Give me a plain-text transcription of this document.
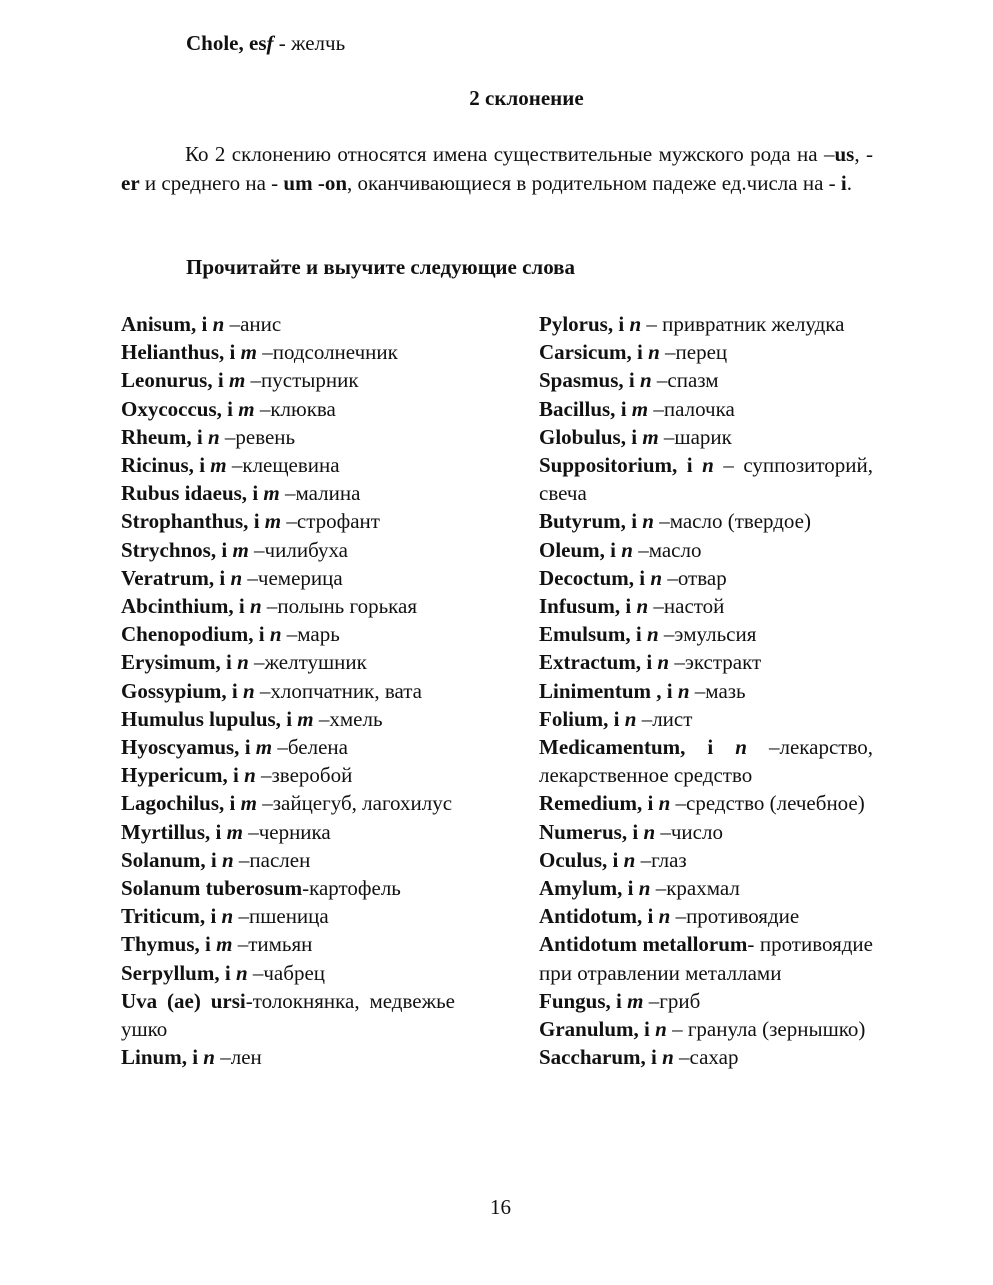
Chole, esf - желчь
2 склонение
Ко 2 склонению относятся имена существительные мужского рода на –us, - er и среднего на - um -on, оканчивающиеся в родительном падеже ед.числа на - i.
Прочитайте и выучите следующие слова
Anisum, i n –анис
Helianthus, i m –подсолнечник
Leonurus, i m –пустырник
Oxycoccus, i m –клюква
Rheum, i n –ревень
Ricinus, i m –клещевина
Rubus idaeus, i m –малина
Strophanthus, i m –строфант
Strychnos, i m –чилибуха
Veratrum, i n –чемерица
Abcinthium, i n –полынь горькая
Chenopodium, i n –марь
Erysimum, i n –желтушник
Gossypium, i n –хлопчатник, вата
Humulus lupulus, i m –хмель
Hyoscyamus, i m –белена
Hypericum, i n –зверобой
Lagochilus, i m –зайцегуб, лагохилус
Myrtillus, i m –черника
Solanum, i n –паслен
Solanum tuberosum-картофель
Triticum, i n –пшеница
Thymus, i m –тимьян
Serpyllum, i n –чабрец
Uva (ae) ursi-толокнянка, медвежье ушко
Linum, i n –лен
Pylorus, i n – привратник желудка
Carsicum, i n –перец
Spasmus, i n –спазм
Bacillus, i m –палочка
Globulus, i m –шарик
Suppositorium, i n – суппозиторий, свеча
Butyrum, i n –масло (твердое)
Oleum, i n –масло
Decoctum, i n –отвар
Infusum, i n –настой
Emulsum, i n –эмульсия
Extractum, i n –экстракт
Linimentum , i n –мазь
Folium, i n –лист
Medicamentum, i n –лекарство, лекарственное средство
Remedium, i n –средство (лечебное)
Numerus, i n –число
Oculus, i n –глаз
Amylum, i n –крахмал
Antidotum, i n –противоядие
Antidotum metallorum- противоядие при отравлении металлами
Fungus, i m –гриб
Granulum, i n – гранула (зернышко)
Saccharum, i n –сахар
16
